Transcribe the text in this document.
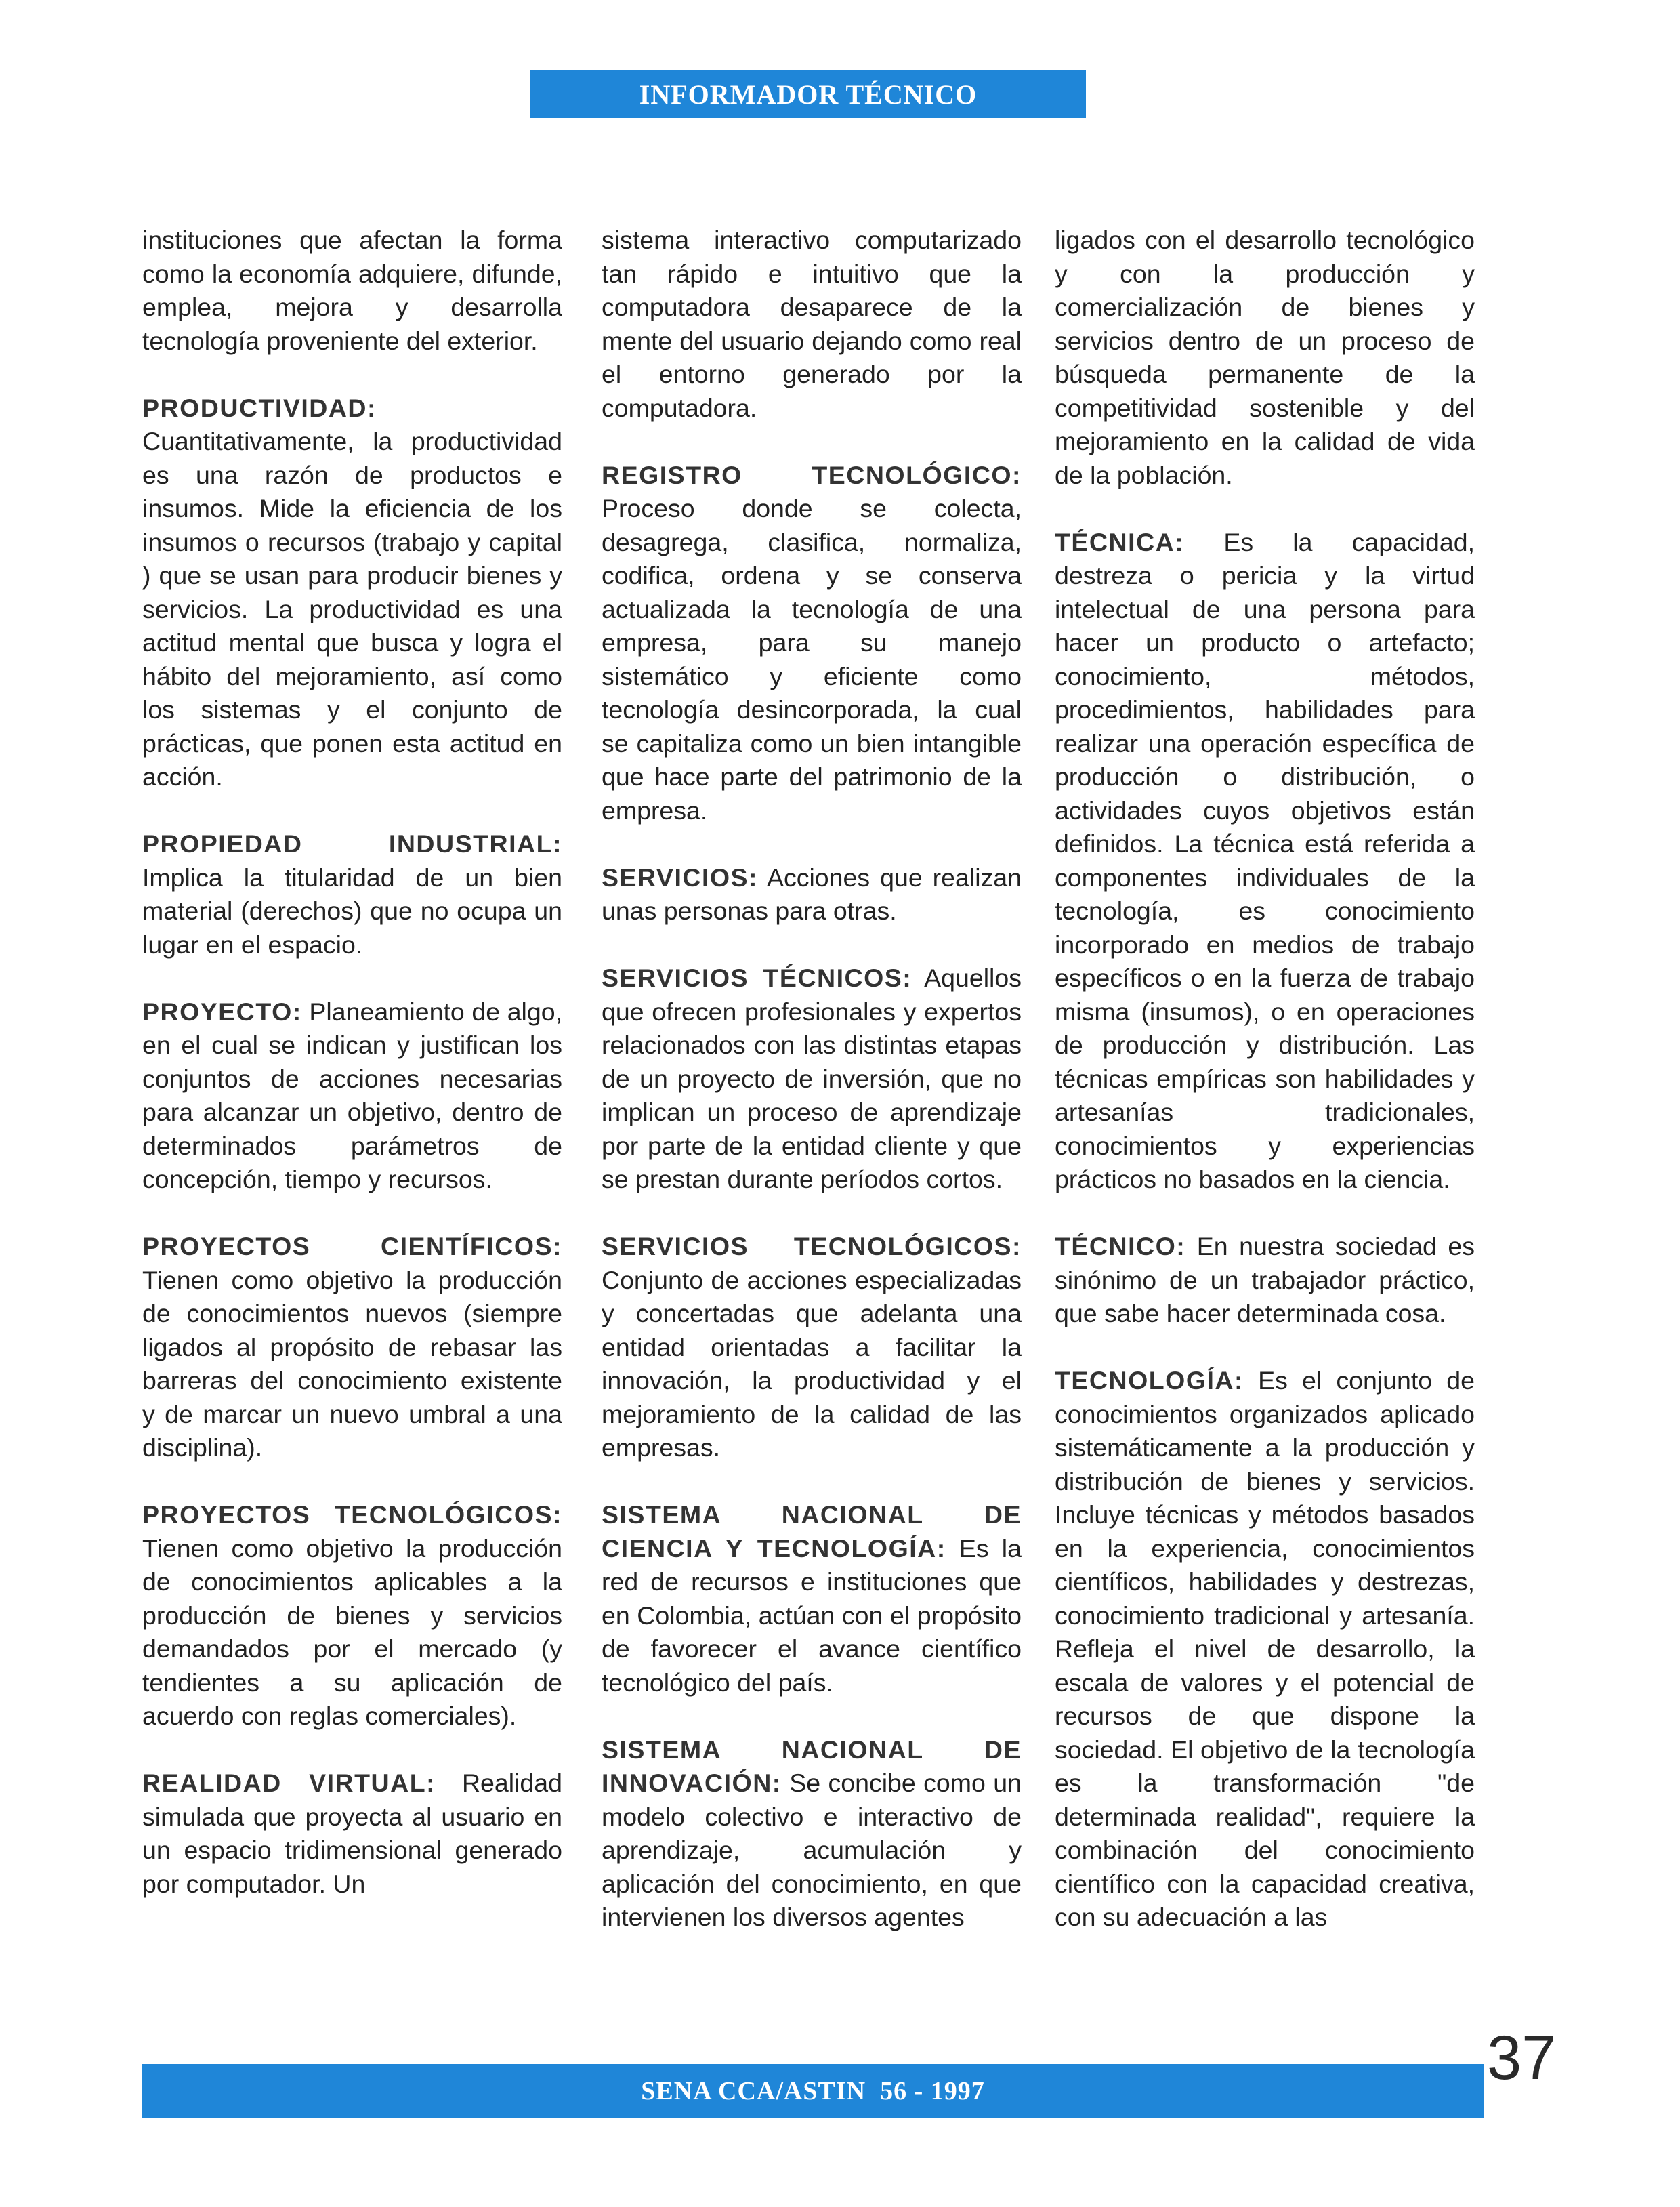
INFORMADOR TÉCNICO

instituciones que afectan la forma como la economía adquiere, difunde, emplea, mejora y desarrolla tecnología proveniente del exterior.

PRODUCTIVIDAD: Cuantitativamente, la productividad es una razón de productos e insumos. Mide la eficiencia de los insumos o recursos (trabajo y capital ) que se usan para producir bienes y servicios. La productividad es una actitud mental que busca y logra el hábito del mejoramiento, así como los sistemas y el conjunto de prácticas, que ponen esta actitud en acción.

PROPIEDAD INDUSTRIAL: Implica la titularidad de un bien material (derechos) que no ocupa un lugar en el espacio.

PROYECTO: Planeamiento de algo, en el cual se indican y justifican los conjuntos de acciones necesarias para alcanzar un objetivo, dentro de determinados parámetros de concepción, tiempo y recursos.

PROYECTOS CIENTÍFICOS: Tienen como objetivo la producción de conocimientos nuevos (siempre ligados al propósito de rebasar las barreras del conocimiento existente y de marcar un nuevo umbral a una disciplina).

PROYECTOS TECNOLÓGICOS: Tienen como objetivo la producción de conocimientos aplicables a la producción de bienes y servicios demandados por el mercado (y tendientes a su aplicación de acuerdo con reglas comerciales).

REALIDAD VIRTUAL: Realidad simulada que proyecta al usuario en un espacio tridimensional generado por computador. Un

sistema interactivo computarizado tan rápido e intuitivo que la computadora desaparece de la mente del usuario dejando como real el entorno generado por la computadora.

REGISTRO TECNOLÓGICO: Proceso donde se colecta, desagrega, clasifica, normaliza, codifica, ordena y se conserva actualizada la tecnología de una empresa, para su manejo sistemático y eficiente como tecnología desincorporada, la cual se capitaliza como un bien intangible que hace parte del patrimonio de la empresa.

SERVICIOS: Acciones que realizan unas personas para otras.

SERVICIOS TÉCNICOS: Aquellos que ofrecen profesionales y expertos relacionados con las distintas etapas de un proyecto de inversión, que no implican un proceso de aprendizaje por parte de la entidad cliente y que se prestan durante períodos cortos.

SERVICIOS TECNOLÓGICOS: Conjunto de acciones especializadas y concertadas que adelanta una entidad orientadas a facilitar la innovación, la productividad y el mejoramiento de la calidad de las empresas.

SISTEMA NACIONAL DE CIENCIA Y TECNOLOGÍA: Es la red de recursos e instituciones que en Colombia, actúan con el propósito de favorecer el avance científico tecnológico del país.

SISTEMA NACIONAL DE INNOVACIÓN: Se concibe como un modelo colectivo e interactivo de aprendizaje, acumulación y aplicación del conocimiento, en que intervienen los diversos agentes

ligados con el desarrollo tecnológico y con la producción y comercialización de bienes y servicios dentro de un proceso de búsqueda permanente de la competitividad sostenible y del mejoramiento en la calidad de vida de la población.

TÉCNICA: Es la capacidad, destreza o pericia y la virtud intelectual de una persona para hacer un producto o artefacto; conocimiento, métodos, procedimientos, habilidades para realizar una operación específica de producción o distribución, o actividades cuyos objetivos están definidos. La técnica está referida a componentes individuales de la tecnología, es conocimiento incorporado en medios de trabajo específicos o en la fuerza de trabajo misma (insumos), o en operaciones de producción y distribución. Las técnicas empíricas son habilidades y artesanías tradicionales, conocimientos y experiencias prácticos no basados en la ciencia.

TÉCNICO: En nuestra sociedad es sinónimo de un trabajador práctico, que sabe hacer determinada cosa.

TECNOLOGÍA: Es el conjunto de conocimientos organizados aplicado sistemáticamente a la producción y distribución de bienes y servicios. Incluye técnicas y métodos basados en la experiencia, conocimientos científicos, habilidades y destrezas, conocimiento tradicional y artesanía. Refleja el nivel de desarrollo, la escala de valores y el potencial de recursos de que dispone la sociedad. El objetivo de la tecnología es la transformación "de determinada realidad", requiere la combinación del conocimiento científico con la capacidad creativa, con su adecuación a las

SENA CCA/ASTIN  56 - 1997	37
